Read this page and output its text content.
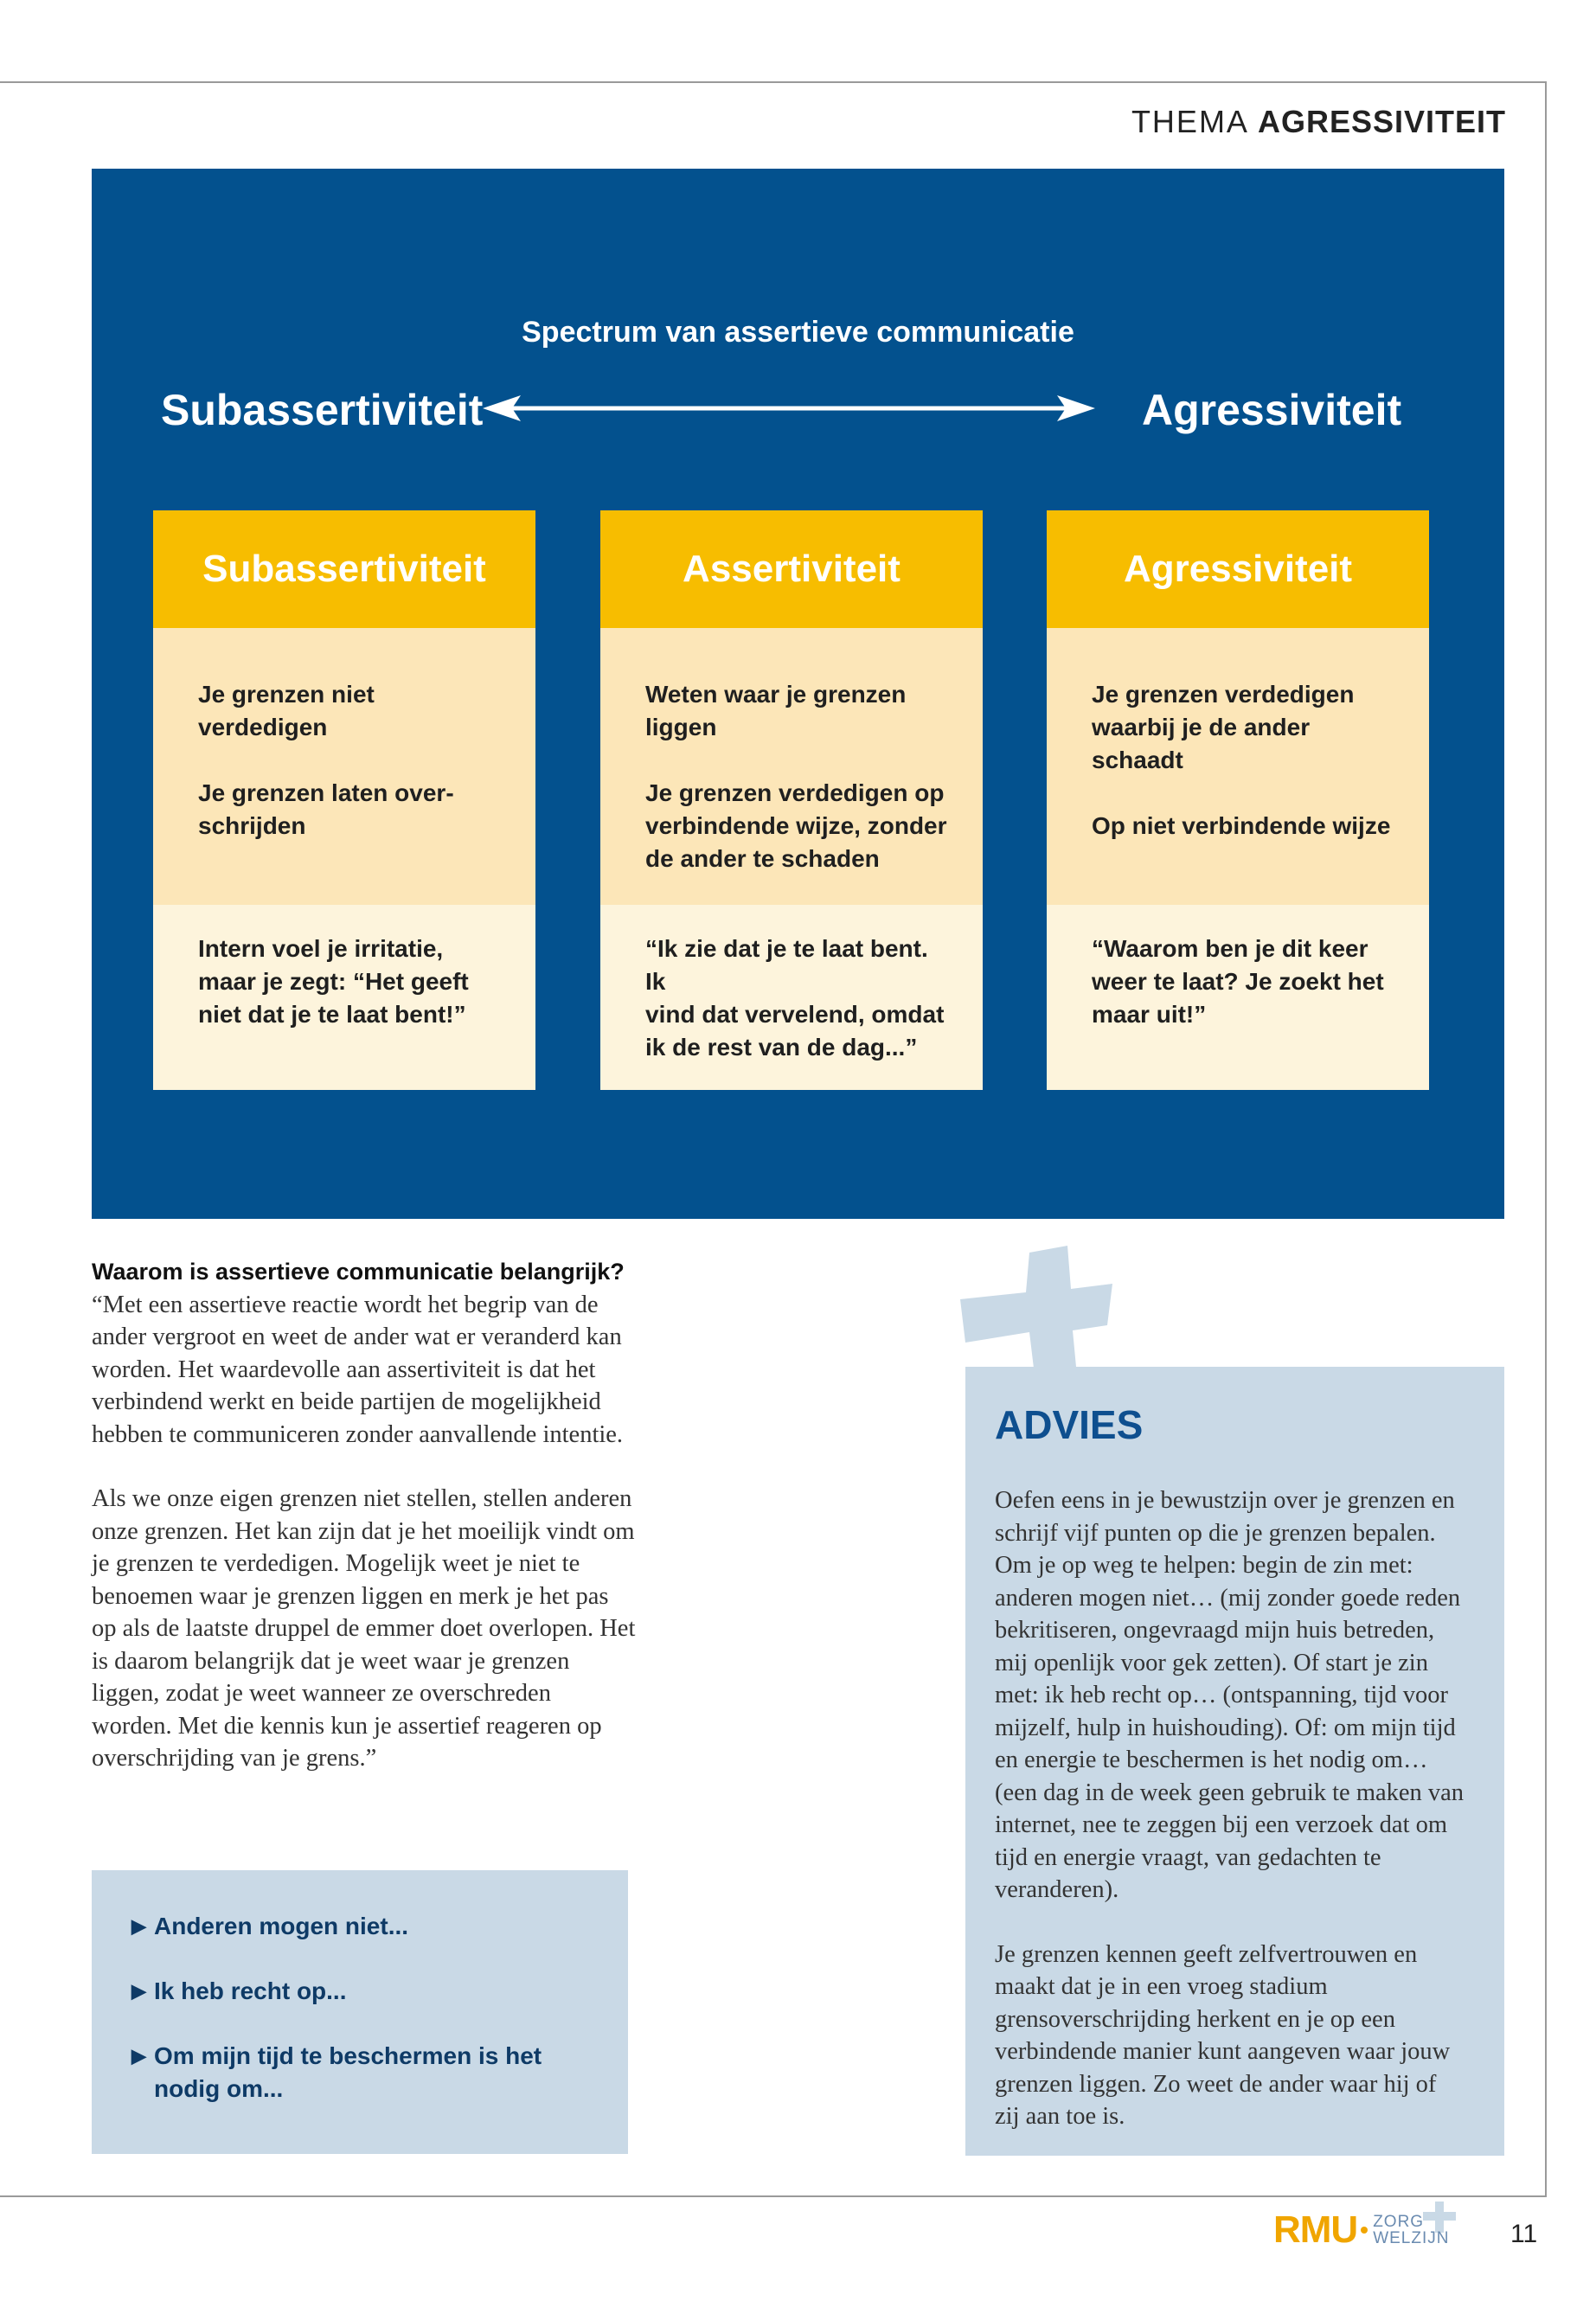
THEMA AGRESSIVITEIT
Spectrum van assertieve communicatie
Subassertiviteit	Agressiviteit
Subassertiviteit

Je grenzen niet verdedigen

Je grenzen laten over-
schrijden

Intern voel je irritatie,
maar je zegt: “Het geeft
niet dat je te laat bent!”

Assertiviteit

Weten waar je grenzen
liggen

Je grenzen verdedigen op
verbindende wijze, zonder
de ander te schaden

“Ik zie dat je te laat bent. Ik
vind dat vervelend, omdat
ik de rest van de dag...”

Agressiviteit

Je grenzen verdedigen
waarbij je de ander
schaadt

Op niet verbindende wijze

“Waarom ben je dit keer
weer te laat? Je zoekt het
maar uit!”

Waarom is assertieve communicatie belangrijk?

“Met een assertieve reactie wordt het begrip van de ander vergroot en weet de ander wat er veranderd kan worden. Het waardevolle aan assertiviteit is dat het verbindend werkt en beide partijen de mogelijkheid hebben te communiceren zonder aanvallende intentie.

Als we onze eigen grenzen niet stellen, stellen anderen onze grenzen. Het kan zijn dat je het moeilijk vindt om je grenzen te verdedigen. Mogelijk weet je niet te benoemen waar je grenzen liggen en merk je het pas op als de laatste druppel de emmer doet overlopen. Het is daarom belangrijk dat je weet waar je grenzen liggen, zodat je weet wanneer ze overschreden worden. Met die kennis kun je assertief reageren op overschrijding van je grens.”

▶ Anderen mogen niet...
▶ Ik heb recht op...
▶ Om mijn tijd te beschermen is het nodig om...
ADVIES

Oefen eens in je bewustzijn over je grenzen en schrijf vijf punten op die je grenzen bepalen. Om je op weg te helpen: begin de zin met: anderen mogen niet… (mij zonder goede reden bekritiseren, ongevraagd mijn huis betreden, mij openlijk voor gek zetten). Of start je zin met: ik heb recht op… (ontspanning, tijd voor mijzelf, hulp in huishouding). Of: om mijn tijd en energie te beschermen is het nodig om… (een dag in de week geen gebruik te maken van internet, nee te zeggen bij een verzoek dat om tijd en energie vraagt, van gedachten te veranderen).

Je grenzen kennen geeft zelfvertrouwen en maakt dat je in een vroeg stadium grensoverschrijding herkent en je op een verbindende manier kunt aangeven waar jouw grenzen liggen. Zo weet de ander waar hij of zij aan toe is.

RMU ZORG
WELZIJN 11
